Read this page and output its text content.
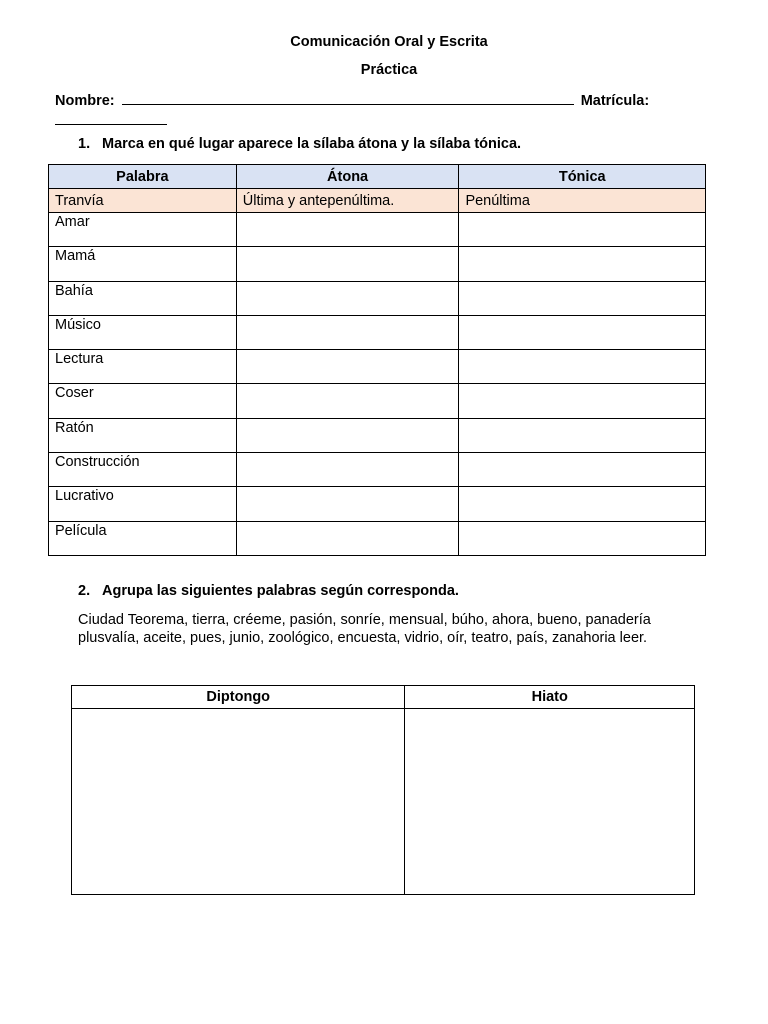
Comunicación Oral y Escrita
Práctica
Nombre:	Matrícula:
1. Marca en qué lugar aparece la sílaba átona y la sílaba tónica.
Palabra	Átona	Tónica
Tranvía	Última y antepenúltima.	Penúltima
Amar		
Mamá		
Bahía		
Músico		
Lectura		
Coser		
Ratón		
Construcción		
Lucrativo		
Película		
2. Agrupa las siguientes palabras según corresponda.
Ciudad Teorema, tierra, créeme, pasión, sonríe, mensual, búho, ahora, bueno, panadería
plusvalía, aceite, pues, junio, zoológico, encuesta, vidrio, oír, teatro, país, zanahoria leer.
Diptongo	Hiato
